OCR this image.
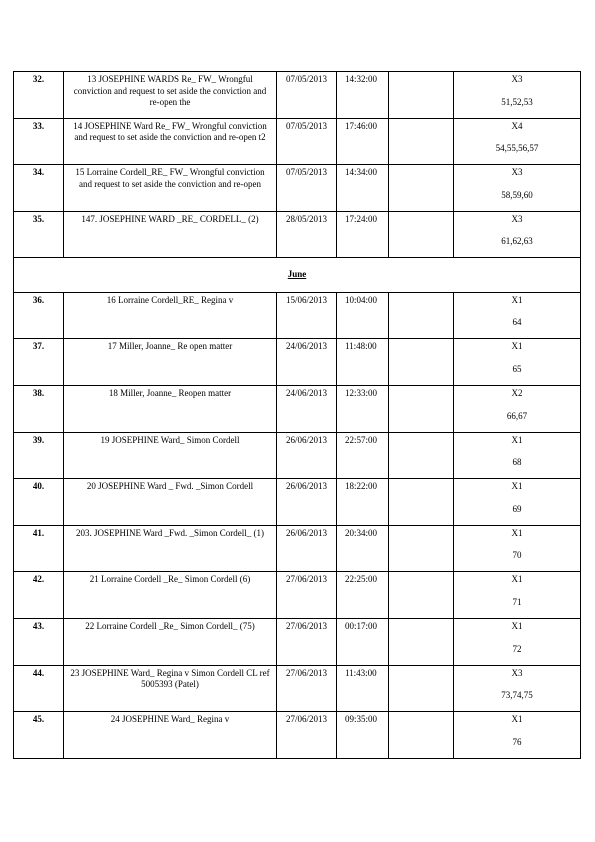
32.	13 JOSEPHINE WARDS Re_ FW_ Wrongful conviction and request to set aside the conviction and re-open the	07/05/2013	14:32:00		X3
51,52,53

33.	14 JOSEPHINE Ward Re_ FW_ Wrongful conviction and request to set aside the conviction and re-open t2	07/05/2013	17:46:00		X4
54,55,56,57

34.	15 Lorraine Cordell_RE_ FW_ Wrongful conviction and request to set aside the conviction and re-open	07/05/2013	14:34:00		X3
58,59,60

35.	147. JOSEPHINE WARD _RE_ CORDELL_ (2)	28/05/2013	17:24:00		X3
61,62,63

June					
36.	16 Lorraine Cordell_RE_ Regina v	15/06/2013	10:04:00		X1
64

37.	17 Miller, Joanne_ Re open matter	24/06/2013	11:48:00		X1
65

38.	18 Miller, Joanne_ Reopen matter	24/06/2013	12:33:00		X2
66,67

39.	19 JOSEPHINE Ward_ Simon Cordell	26/06/2013	22:57:00		X1
68

40.	20 JOSEPHINE Ward _ Fwd. _Simon Cordell	26/06/2013	18:22:00		X1
69

41.	203. JOSEPHINE Ward _Fwd. _Simon Cordell_ (1)	26/06/2013	20:34:00		X1
70

42.	21 Lorraine Cordell _Re_ Simon Cordell (6)	27/06/2013	22:25:00		X1
71

43.	22 Lorraine Cordell _Re_ Simon Cordell_ (75)	27/06/2013	00:17:00		X1
72

44.	23 JOSEPHINE Ward_ Regina v Simon Cordell CL ref 5005393 (Patel)	27/06/2013	11:43:00		X3
73,74,75

45.	24 JOSEPHINE Ward_ Regina v	27/06/2013	09:35:00		X1
76
